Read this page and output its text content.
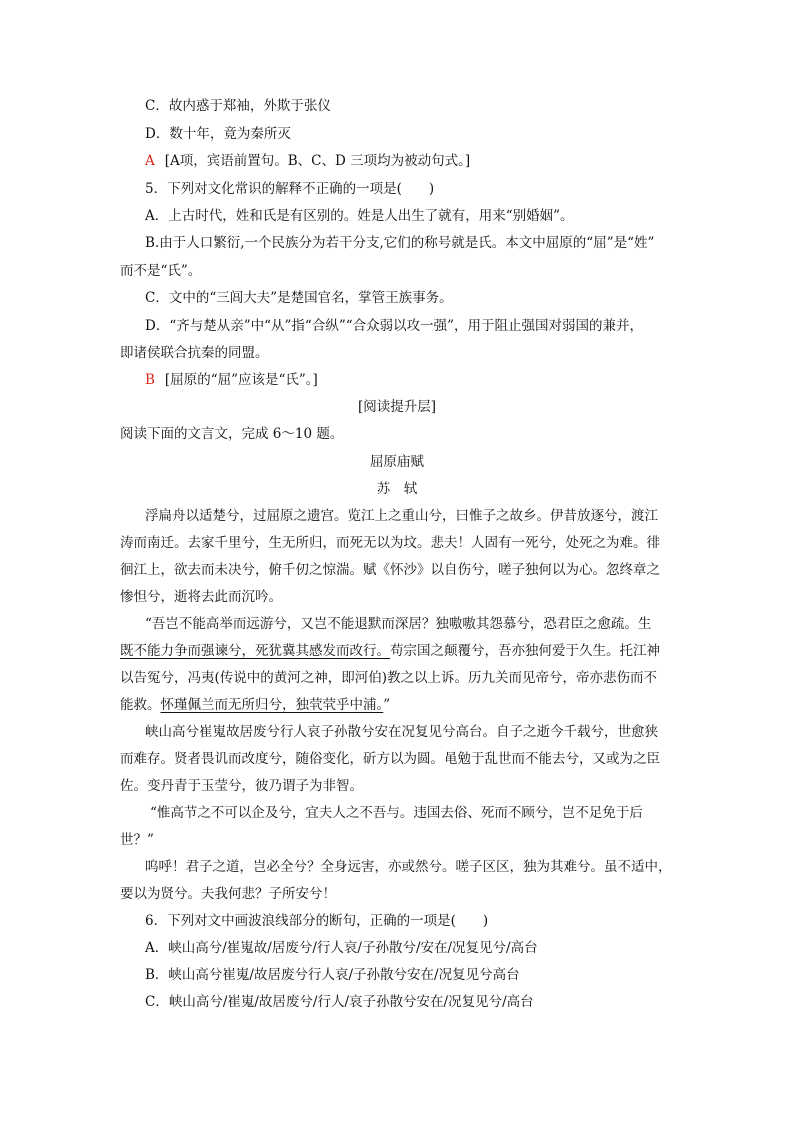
C．故内惑于郑袖，外欺于张仪
D．数十年，竟为秦所灭
A [A项，宾语前置句。B、C、D 三项均为被动句式。]
5．下列对文化常识的解释不正确的一项是(　　)
A．上古时代，姓和氏是有区别的。姓是人出生了就有，用来“别婚姻”。
B.由于人口繁衍,一个民族分为若干分支,它们的称号就是氏。本文中屈原的“屈”是“姓”
而不是“氏”。
C．文中的“三闾大夫”是楚国官名，掌管王族事务。
D．“齐与楚从亲”中“从”指“合纵”“合众弱以攻一强”，用于阻止强国对弱国的兼并，
即诸侯联合抗秦的同盟。
B [屈原的“屈”应该是“氏”。]
[阅读提升层]
阅读下面的文言文，完成 6～10 题。
屈原庙赋
苏　轼
浮扁舟以适楚兮，过屈原之遗宫。览江上之重山兮，曰惟子之故乡。伊昔放逐兮，渡江
涛而南迁。去家千里兮，生无所归，而死无以为坟。悲夫！人固有一死兮，处死之为难。徘
徊江上，欲去而未决兮，俯千仞之惊湍。赋《怀沙》以自伤兮，嗟子独何以为心。忽终章之
惨怛兮，逝将去此而沉吟。
“吾岂不能高举而远游兮，又岂不能退默而深居？独嗷嗷其怨慕兮，恐君臣之愈疏。生
既不能力争而强谏兮，死犹冀其感发而改行。苟宗国之颠覆兮，吾亦独何爱于久生。托江神
以告冤兮，冯夷(传说中的黄河之神，即河伯)教之以上诉。历九关而见帝兮，帝亦悲伤而不
能救。怀瑾佩兰而无所归兮，独茕茕乎中浦。”
峡山高兮崔嵬故居废兮行人哀子孙散兮安在况复见兮高台。自子之逝今千载兮，世愈狭
而难存。贤者畏讥而改度兮，随俗变化，斫方以为圆。黾勉于乱世而不能去兮，又或为之臣
佐。变丹青于玉莹兮，彼乃谓子为非智。
“惟高节之不可以企及兮，宜夫人之不吾与。违国去俗、死而不顾兮，岂不足免于后
世？”
呜呼！君子之道，岂必全兮？全身远害，亦或然兮。嗟子区区，独为其难兮。虽不适中，
要以为贤兮。夫我何悲？子所安兮！
6．下列对文中画波浪线部分的断句，正确的一项是(　　)
A．峡山高兮/崔嵬故/居废兮/行人哀/子孙散兮/安在/况复见兮/高台
B．峡山高兮崔嵬/故居废兮行人哀/子孙散兮安在/况复见兮高台
C．峡山高兮/崔嵬/故居废兮/行人/哀子孙散兮安在/况复见兮/高台
